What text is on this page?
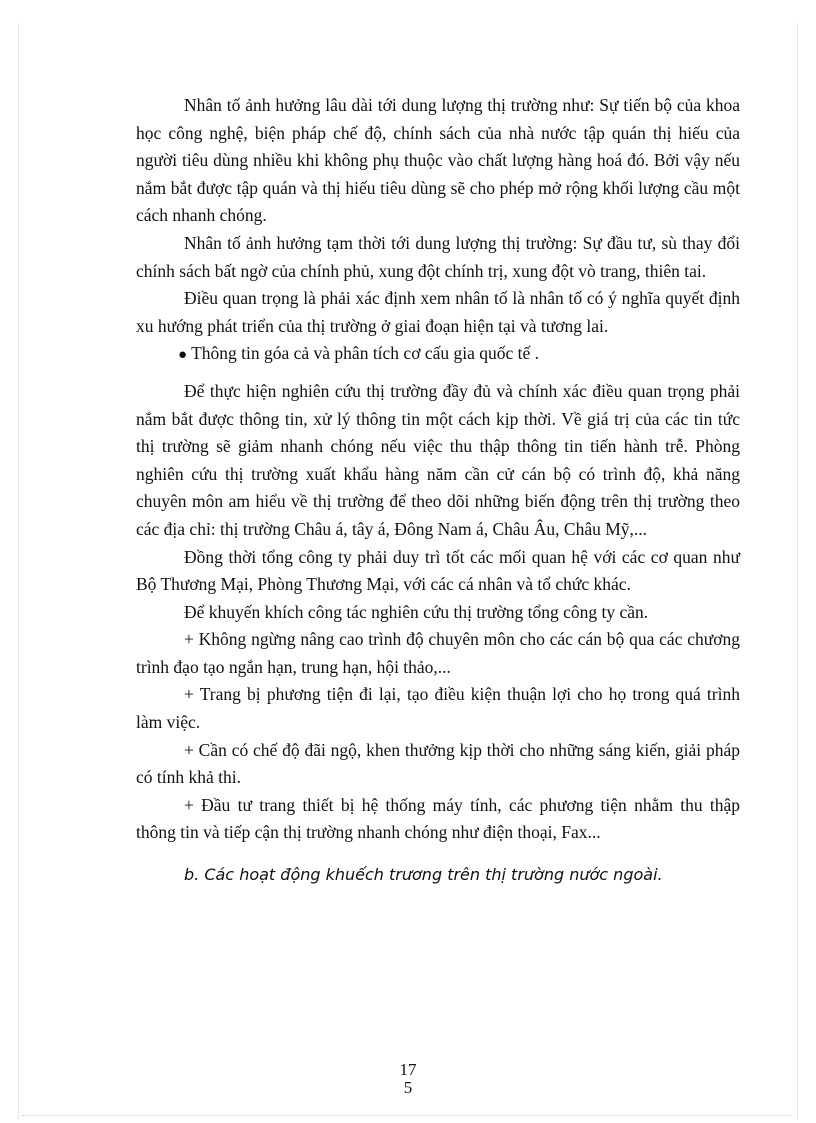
Nhân tố ảnh hưởng lâu dài tới dung lượng thị trường như: Sự tiến bộ của khoa học công nghệ, biện pháp chế độ, chính sách của nhà nước tập quán thị hiếu của người tiêu dùng nhiều khi không phụ thuộc vào chất lượng hàng hoá đó. Bởi vậy nếu nắm bắt được tập quán và thị hiếu tiêu dùng sẽ cho phép mở rộng khối lượng cầu một cách nhanh chóng.

Nhân tố ảnh hưởng tạm thời tới dung lượng thị trường: Sự đầu tư, sù thay đổi chính sách bất ngờ của chính phủ, xung đột chính trị, xung đột vò trang, thiên tai.

Điều quan trọng là phải xác định xem nhân tố là nhân tố có ý nghĩa quyết định xu hướng phát triển của thị trường ở giai đoạn hiện tại và tương lai.

● Thông tin góa cả và phân tích cơ cấu gia quốc tế .

Để thực hiện nghiên cứu thị trường đầy đủ và chính xác điều quan trọng phải nắm bắt được thông tin, xử lý thông tin một cách kịp thời. Về giá trị của các tin tức thị trường sẽ giảm nhanh chóng nếu việc thu thập thông tin tiến hành trễ. Phòng nghiên cứu thị trường xuất khẩu hàng năm cần cử cán bộ có trình độ, khả năng chuyên môn am hiểu về thị trường để theo dõi những biến động trên thị trường theo các địa chỉ: thị trường Châu á, tây á, Đông Nam á, Châu Âu, Châu Mỹ,...

Đồng thời tổng công ty phải duy trì tốt các mối quan hệ với các cơ quan như Bộ Thương Mại, Phòng Thương Mại, với các cá nhân và tổ chức khác.

Để khuyến khích công tác nghiên cứu thị trường tổng công ty cần.

+ Không ngừng nâng cao trình độ chuyên môn cho các cán bộ qua các chương trình đạo tạo ngắn hạn, trung hạn, hội thảo,...

+ Trang bị phương tiện đi lại, tạo điều kiện thuận lợi cho họ trong quá trình làm việc.

+ Cần có chế độ đãi ngộ, khen thưởng kịp thời cho những sáng kiến, giải pháp có tính khả thi.

+ Đầu tư trang thiết bị hệ thống máy tính, các phương tiện nhằm thu thập thông tin và tiếp cận thị trường nhanh chóng như điện thoại, Fax...

b. Các hoạt động khuếch trương trên thị trường nước ngoài.

17
5
